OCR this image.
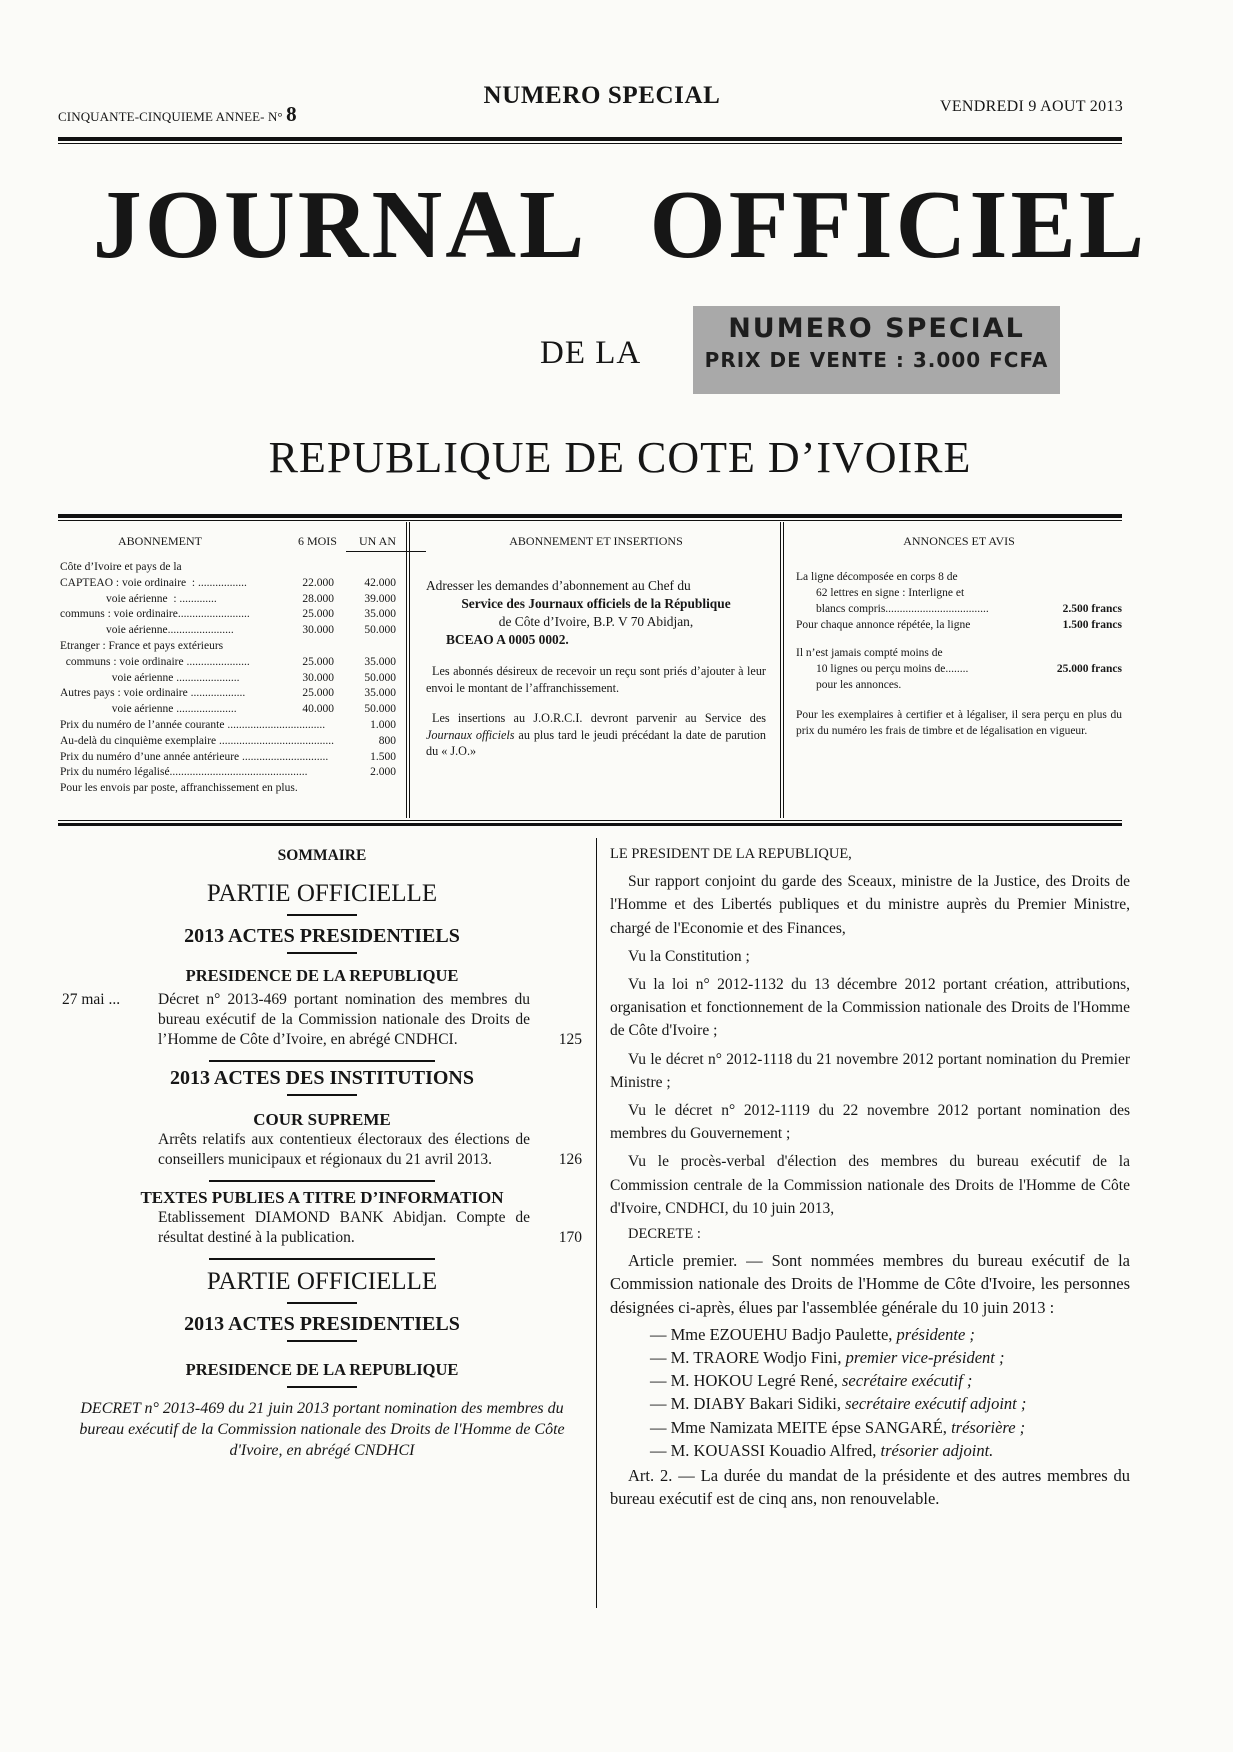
CINQUANTE-CINQUIEME ANNEE- N° 8
NUMERO SPECIAL	VENDREDI 9 AOUT 2013
JOURNAL OFFICIEL
DE LA
NUMERO SPECIAL
PRIX DE VENTE : 3.000 FCFA
REPUBLIQUE DE COTE D’IVOIRE
ABONNEMENT	6 MOIS UN AN
Côte d’Ivoire et pays de la
CAPTEAO : voie ordinaire  : .................	22.000	42.000
voie aérienne  : .............	28.000	39.000
communs : voie ordinaire.........................	25.000	35.000
voie aérienne.......................	30.000	50.000
Etranger : France et pays extérieurs
communs : voie ordinaire ......................	25.000	35.000
voie aérienne ......................	30.000	50.000
Autres pays : voie ordinaire ...................	25.000	35.000
voie aérienne .....................	40.000	50.000
Prix du numéro de l’année courante ..................................	1.000
Au-delà du cinquième exemplaire ........................................	800
Prix du numéro d’une année antérieure ..............................	1.500
Prix du numéro légalisé................................................	2.000
Pour les envois par poste, affranchissement en plus.
ABONNEMENT ET INSERTIONS
Adresser les demandes d’abonnement au Chef du
Service des Journaux officiels de la République
de Côte d’Ivoire, B.P. V 70 Abidjan,
BCEAO A 0005 0002.
Les abonnés désireux de recevoir un reçu sont priés d’ajouter à leur envoi le montant de l’affranchissement.
Les insertions au J.O.R.C.I. devront parvenir au Service des Journaux officiels au plus tard le jeudi précédant la date de parution du « J.O.»
ANNONCES ET AVIS
La ligne décomposée en corps 8 de
62 lettres en signe : Interligne et
blancs compris....................................	2.500 francs
Pour chaque annonce répétée, la ligne	1.500 francs
Il n’est jamais compté moins de
10 lignes ou perçu moins de........	25.000 francs
pour les annonces.
Pour les exemplaires à certifier et à légaliser, il sera perçu en plus du prix du numéro les frais de timbre et de légalisation en vigueur.
SOMMAIRE
PARTIE OFFICIELLE
2013 ACTES PRESIDENTIELS
PRESIDENCE DE LA REPUBLIQUE
27 mai ...	Décret n° 2013-469 portant nomination des membres du bureau exécutif de la Commission nationale des Droits de l’Homme de Côte d’Ivoire, en abrégé CNDHCI.	125
2013 ACTES DES INSTITUTIONS
COUR SUPREME
Arrêts relatifs aux contentieux électoraux des élections de conseillers municipaux et régionaux du 21 avril 2013.	126
TEXTES PUBLIES A TITRE D’INFORMATION
Etablissement DIAMOND BANK Abidjan. Compte de résultat destiné à la publication.	170
PARTIE OFFICIELLE
2013 ACTES PRESIDENTIELS
PRESIDENCE DE LA REPUBLIQUE
DECRET n° 2013-469 du 21 juin 2013 portant nomination des membres du bureau exécutif de la Commission nationale des Droits de l'Homme de Côte d'Ivoire, en abrégé CNDHCI
LE PRESIDENT DE LA REPUBLIQUE,
Sur rapport conjoint du garde des Sceaux, ministre de la Justice, des Droits de l'Homme et des Libertés publiques et du ministre auprès du Premier Ministre, chargé de l'Economie et des Finances,
Vu la Constitution ;
Vu la loi n° 2012-1132 du 13 décembre 2012 portant création, attributions, organisation et fonctionnement de la Commission nationale des Droits de l'Homme de Côte d'Ivoire ;
Vu le décret n° 2012-1118 du 21 novembre 2012 portant nomination du Premier Ministre ;
Vu le décret n° 2012-1119 du 22 novembre 2012 portant nomination des membres du Gouvernement ;
Vu le procès-verbal d'élection des membres du bureau exécutif de la Commission centrale de la Commission nationale des Droits de l'Homme de Côte d'Ivoire, CNDHCI, du 10 juin 2013,
DECRETE :
Article premier. — Sont nommées membres du bureau exécutif de la Commission nationale des Droits de l'Homme de Côte d'Ivoire, les personnes désignées ci-après, élues par l'assemblée générale du 10 juin 2013 :
— Mme EZOUEHU Badjo Paulette, présidente ;
— M. TRAORE Wodjo Fini, premier vice-président ;
— M. HOKOU Legré René, secrétaire exécutif ;
— M. DIABY Bakari Sidiki, secrétaire exécutif adjoint ;
— Mme Namizata MEITE épse SANGARÉ, trésorière ;
— M. KOUASSI Kouadio Alfred, trésorier adjoint.
Art. 2. — La durée du mandat de la présidente et des autres membres du bureau exécutif est de cinq ans, non renouvelable.
